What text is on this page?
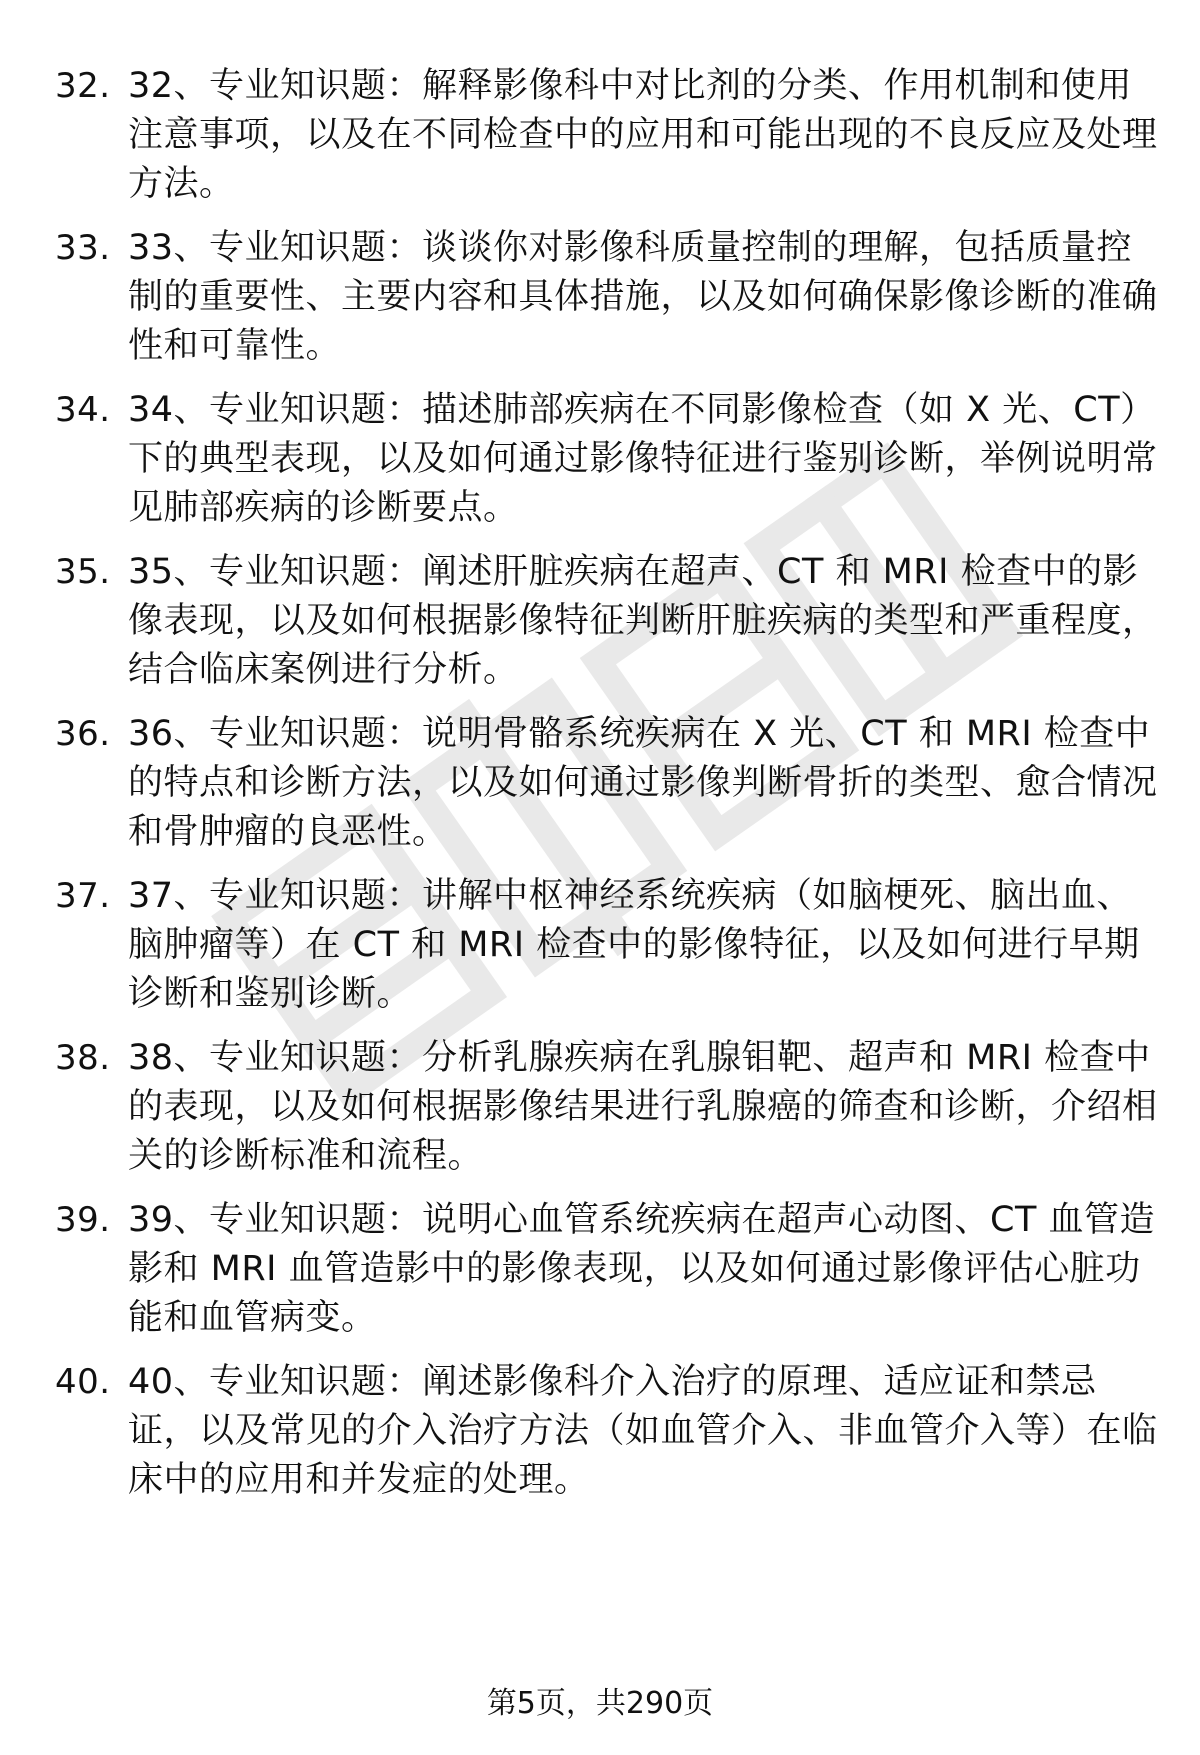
32. 32、专业知识题：解释影像科中对比剂的分类、作用机制和使用注意事项，以及在不同检查中的应用和可能出现的不良反应及处理方法。
33. 33、专业知识题：谈谈你对影像科质量控制的理解，包括质量控制的重要性、主要内容和具体措施，以及如何确保影像诊断的准确性和可靠性。
34. 34、专业知识题：描述肺部疾病在不同影像检查（如 X 光、CT）下的典型表现，以及如何通过影像特征进行鉴别诊断，举例说明常见肺部疾病的诊断要点。
35. 35、专业知识题：阐述肝脏疾病在超声、CT 和 MRI 检查中的影像表现，以及如何根据影像特征判断肝脏疾病的类型和严重程度，结合临床案例进行分析。
36. 36、专业知识题：说明骨骼系统疾病在 X 光、CT 和 MRI 检查中的特点和诊断方法，以及如何通过影像判断骨折的类型、愈合情况和骨肿瘤的良恶性。
37. 37、专业知识题：讲解中枢神经系统疾病（如脑梗死、脑出血、脑肿瘤等）在 CT 和 MRI 检查中的影像特征，以及如何进行早期诊断和鉴别诊断。
38. 38、专业知识题：分析乳腺疾病在乳腺钼靶、超声和 MRI 检查中的表现，以及如何根据影像结果进行乳腺癌的筛查和诊断，介绍相关的诊断标准和流程。
39. 39、专业知识题：说明心血管系统疾病在超声心动图、CT 血管造影和 MRI 血管造影中的影像表现，以及如何通过影像评估心脏功能和血管病变。
40. 40、专业知识题：阐述影像科介入治疗的原理、适应证和禁忌证，以及常见的介入治疗方法（如血管介入、非血管介入等）在临床中的应用和并发症的处理。
第5页，共290页
